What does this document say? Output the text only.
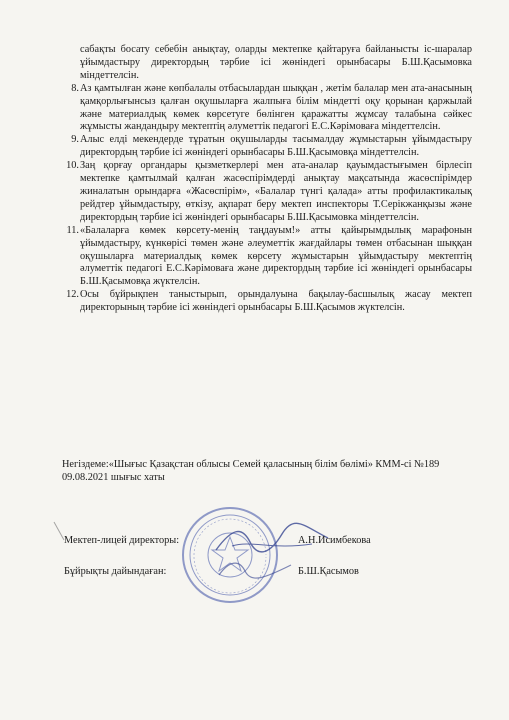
сабақты босату себебін анықтау, оларды мектепке қайтаруға байланысты іс-шаралар ұйымдастыру директордың тәрбие ісі жөніндегі орынбасары Б.Ш.Қасымовка міндеттелсін.

8. Аз қамтылған және көпбалалы отбасылардан шыққан , жетім балалар мен ата-анасының қамқорлығынсыз қалған оқушыларға жалпыға білім міндетті оқу қорынан қаржылай және материалдық көмек көрсетуге бөлінген қаражатты жұмсау талабына сәйкес жұмысты жандандыру мектептің әлуметтік педагогі Е.С.Кәрімоваға міндеттелсін.

9. Алыс елді мекендерде тұратын оқушыларды тасымалдау жұмыстарын ұйымдастыру директордың тәрбие ісі жөніндегі орынбасары Б.Ш.Қасымовқа міндеттелсін.

10. Заң қорғау органдары қызметкерлері мен ата-аналар қауымдастығымен бірлесіп мектепке қамтылмай қалған жасөспірімдерді анықтау мақсатында жасөспірімдер жиналатын орындарға «Жасөспірім», «Балалар түнгі қалада» атты профилактикалық рейдтер ұйымдастыру, өткізу, ақпарат беру мектеп инспекторы Т.Серікжанқызы және директордың тәрбие ісі жөніндегі орынбасары Б.Ш.Қасымовка міндеттелсін.

11. «Балаларға көмек көрсету-менің таңдауым!» атты қайырымдылық марафонын ұйымдастыру, күнкөрісі төмен және әлеуметтік жағдайлары төмен отбасынан шыққан оқушыларға материалдық көмек көрсету жұмыстарын ұйымдастыру мектептің әлуметтік педагогі Е.С.Кәрімоваға және директордың тәрбие ісі жөніндегі орынбасары Б.Ш.Қасымовқа жүктелсін.

12. Осы бұйрықпен таныстырып, орындалуына бақылау-басшылық жасау мектеп директорының тәрбие ісі жөніндегі орынбасары Б.Ш.Қасымов жүктелсін.

Негіздеме:«Шығыс Қазақстан облысы Семей қаласының білім бөлімі» КММ-сі №189 09.08.2021 шығыс хаты

Мектеп-лицей директоры:	А.Н.Исимбекова
Бұйрықты дайындаған:	Б.Ш.Қасымов
